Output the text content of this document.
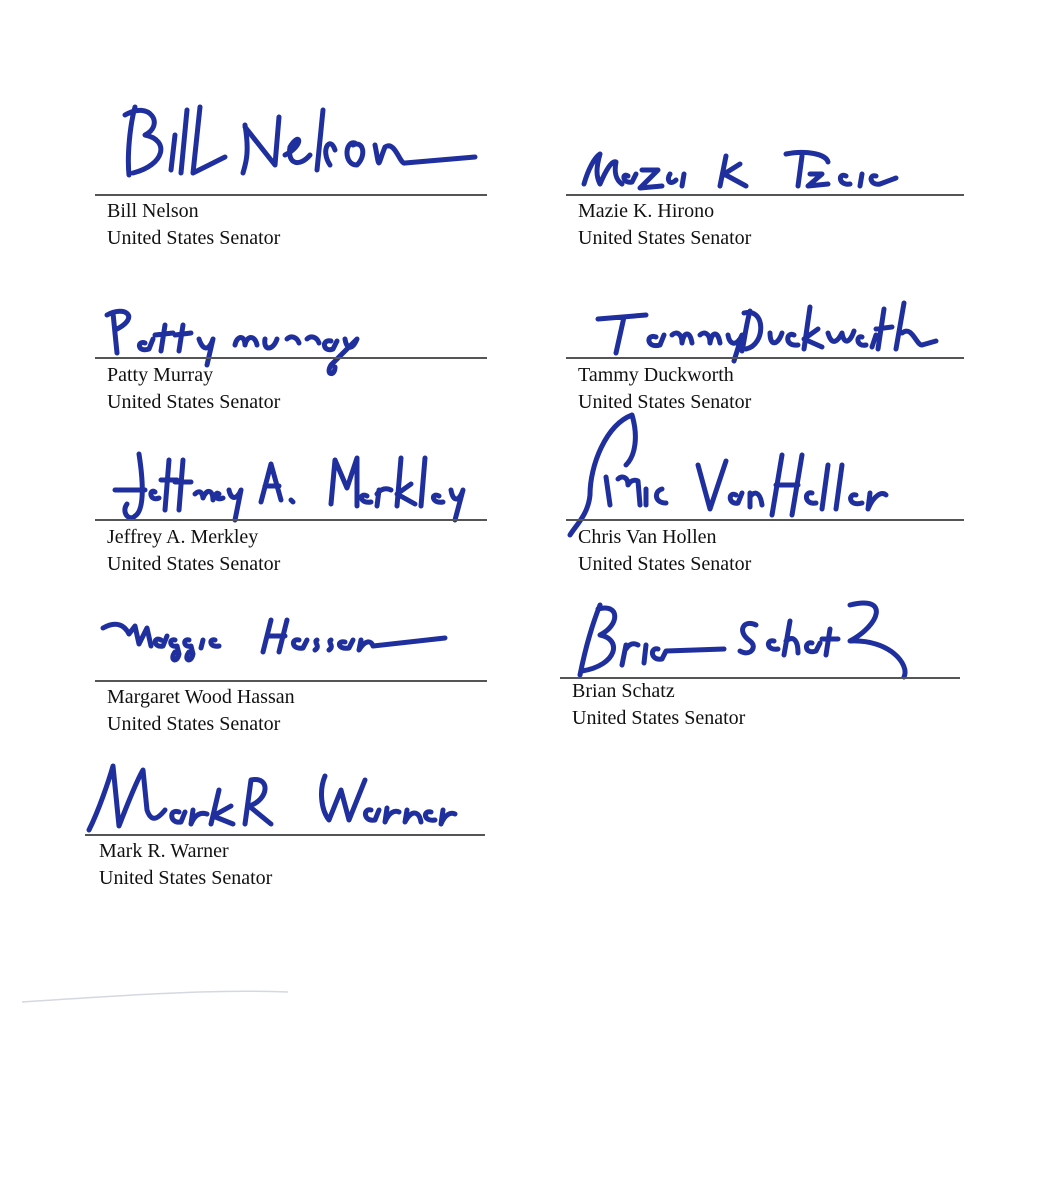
Bill Nelson
United States Senator
Mazie K. Hirono
United States Senator
Patty Murray
United States Senator
Tammy Duckworth
United States Senator
Jeffrey A. Merkley
United States Senator
Chris Van Hollen
United States Senator
Margaret Wood Hassan
United States Senator
Brian Schatz
United States Senator
Mark R. Warner
United States Senator
